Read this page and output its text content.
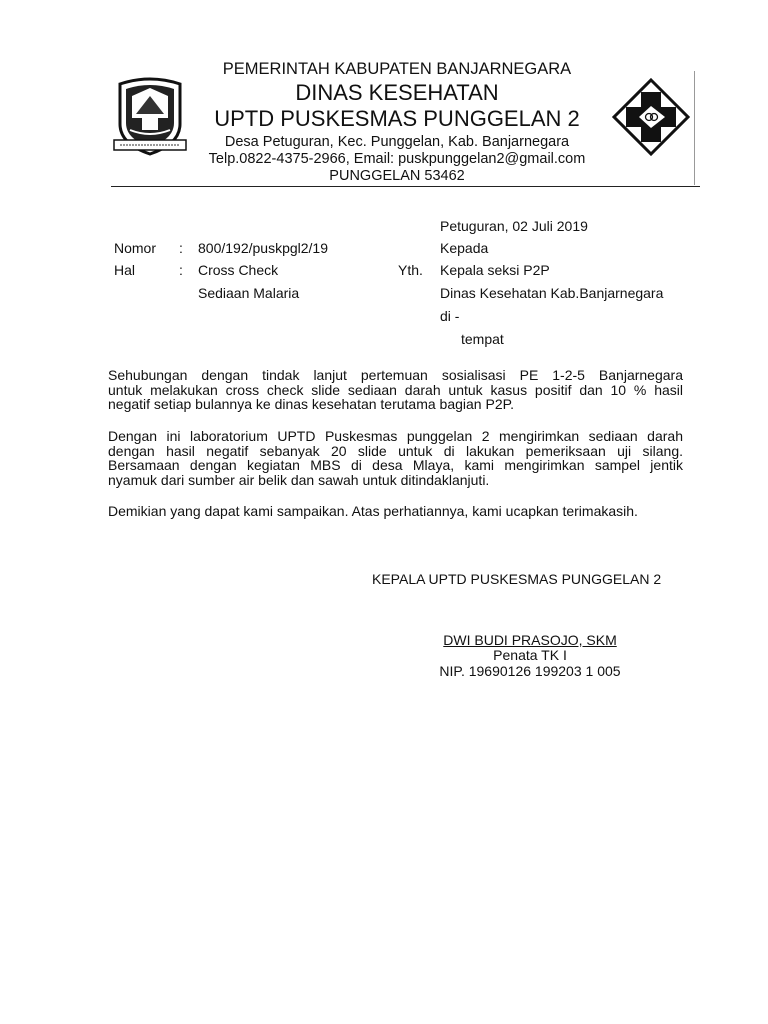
PEMERINTAH KABUPATEN BANJARNEGARA
DINAS KESEHATAN
UPTD PUSKESMAS PUNGGELAN 2
Desa Petuguran, Kec. Punggelan, Kab. Banjarnegara
Telp.0822-4375-2966, Email: puskpunggelan2@gmail.com
PUNGGELAN 53462
Petuguran, 02 Juli 2019
Nomor : 800/192/puskpgl2/19	Kepada
Hal	: Cross Check	Yth. Kepala seksi P2P
Sediaan Malaria	Dinas Kesehatan Kab.Banjarnegara
di -
tempat
Sehubungan dengan tindak lanjut pertemuan sosialisasi PE 1-2-5 Banjarnegara
untuk melakukan cross check slide sediaan darah untuk kasus positif dan 10 % hasil
negatif setiap bulannya ke dinas kesehatan terutama bagian P2P.
Dengan ini laboratorium UPTD Puskesmas punggelan 2 mengirimkan sediaan darah
dengan hasil negatif sebanyak 20 slide untuk di lakukan pemeriksaan uji silang.
Bersamaan dengan kegiatan MBS di desa Mlaya, kami mengirimkan sampel jentik
nyamuk dari sumber air belik dan sawah untuk ditindaklanjuti.
Demikian yang dapat kami sampaikan. Atas perhatiannya, kami ucapkan terimakasih.
KEPALA UPTD PUSKESMAS PUNGGELAN 2
DWI BUDI PRASOJO, SKM
Penata TK I
NIP. 19690126 199203 1 005
